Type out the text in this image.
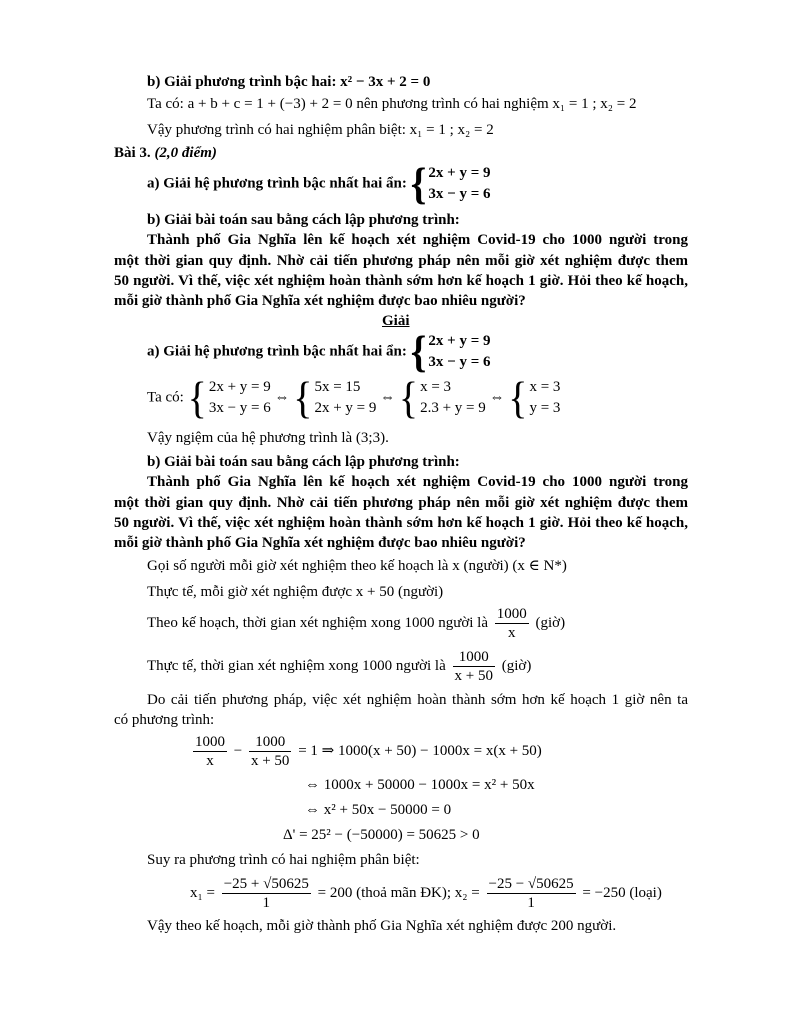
b) Giải phương trình bậc hai: x² − 3x + 2 = 0
Ta có: a + b + c = 1 + (−3) + 2 = 0 nên phương trình có hai nghiệm x₁ = 1 ; x₂ = 2
Vậy phương trình có hai nghiệm phân biệt: x₁ = 1 ; x₂ = 2
Bài 3. (2,0 điểm)
a) Giải hệ phương trình bậc nhất hai ẩn: { 2x + y = 9
3x − y = 6
b) Giải bài toán sau bằng cách lập phương trình:
Thành phố Gia Nghĩa lên kế hoạch xét nghiệm Covid-19 cho 1000 người trong
một thời gian quy định. Nhờ cải tiến phương pháp nên mỗi giờ xét nghiệm được them
50 người. Vì thế, việc xét nghiệm hoàn thành sớm hơn kế hoạch 1 giờ. Hỏi theo kế hoạch,
mỗi giờ thành phố Gia Nghĩa xét nghiệm được bao nhiêu người?
Giải
a) Giải hệ phương trình bậc nhất hai ẩn: { 2x + y = 9
3x − y = 6
Ta có: { 2x + y = 9
3x − y = 6
⇔ { 5x = 15
2x + y = 9
⇔ { x = 3
2.3 + y = 9
⇔ { x = 3
y = 3
Vậy ngiệm của hệ phương trình là (3;3).
b) Giải bài toán sau bằng cách lập phương trình:
Thành phố Gia Nghĩa lên kế hoạch xét nghiệm Covid-19 cho 1000 người trong
một thời gian quy định. Nhờ cải tiến phương pháp nên mỗi giờ xét nghiệm được them
50 người. Vì thế, việc xét nghiệm hoàn thành sớm hơn kế hoạch 1 giờ. Hỏi theo kế hoạch,
mỗi giờ thành phố Gia Nghĩa xét nghiệm được bao nhiêu người?
Gọi số người mỗi giờ xét nghiệm theo kế hoạch là x (người) (x ∈ N*)
Thực tế, mỗi giờ xét nghiệm được x + 50 (người)
Theo kế hoạch, thời gian xét nghiệm xong 1000 người là $\frac{1000}{x}$ (giờ)
Thực tế, thời gian xét nghiệm xong 1000 người là $\frac{1000}{x + 50}$ (giờ)
Do cải tiến phương pháp, việc xét nghiệm hoàn thành sớm hơn kế hoạch 1 giờ nên ta
có phương trình:
$\frac{1000}{x} - \frac{1000}{x + 50} = 1$ ⇒ 1000(x + 50) − 1000x = x(x + 50)
⇔ 1000x + 50000 − 1000x = x² + 50x
⇔ x² + 50x − 50000 = 0
Δ' = 25² − (−50000) = 50625 > 0
Suy ra phương trình có hai nghiệm phân biệt:
$x_1 = \frac{-25 + √50625}{1} = 200$ (thoả mãn ĐK); $x_2 = \frac{-25 - √50625}{1} = -250$ (loại)
Vậy theo kế hoạch, mỗi giờ thành phố Gia Nghĩa xét nghiệm được 200 người.
